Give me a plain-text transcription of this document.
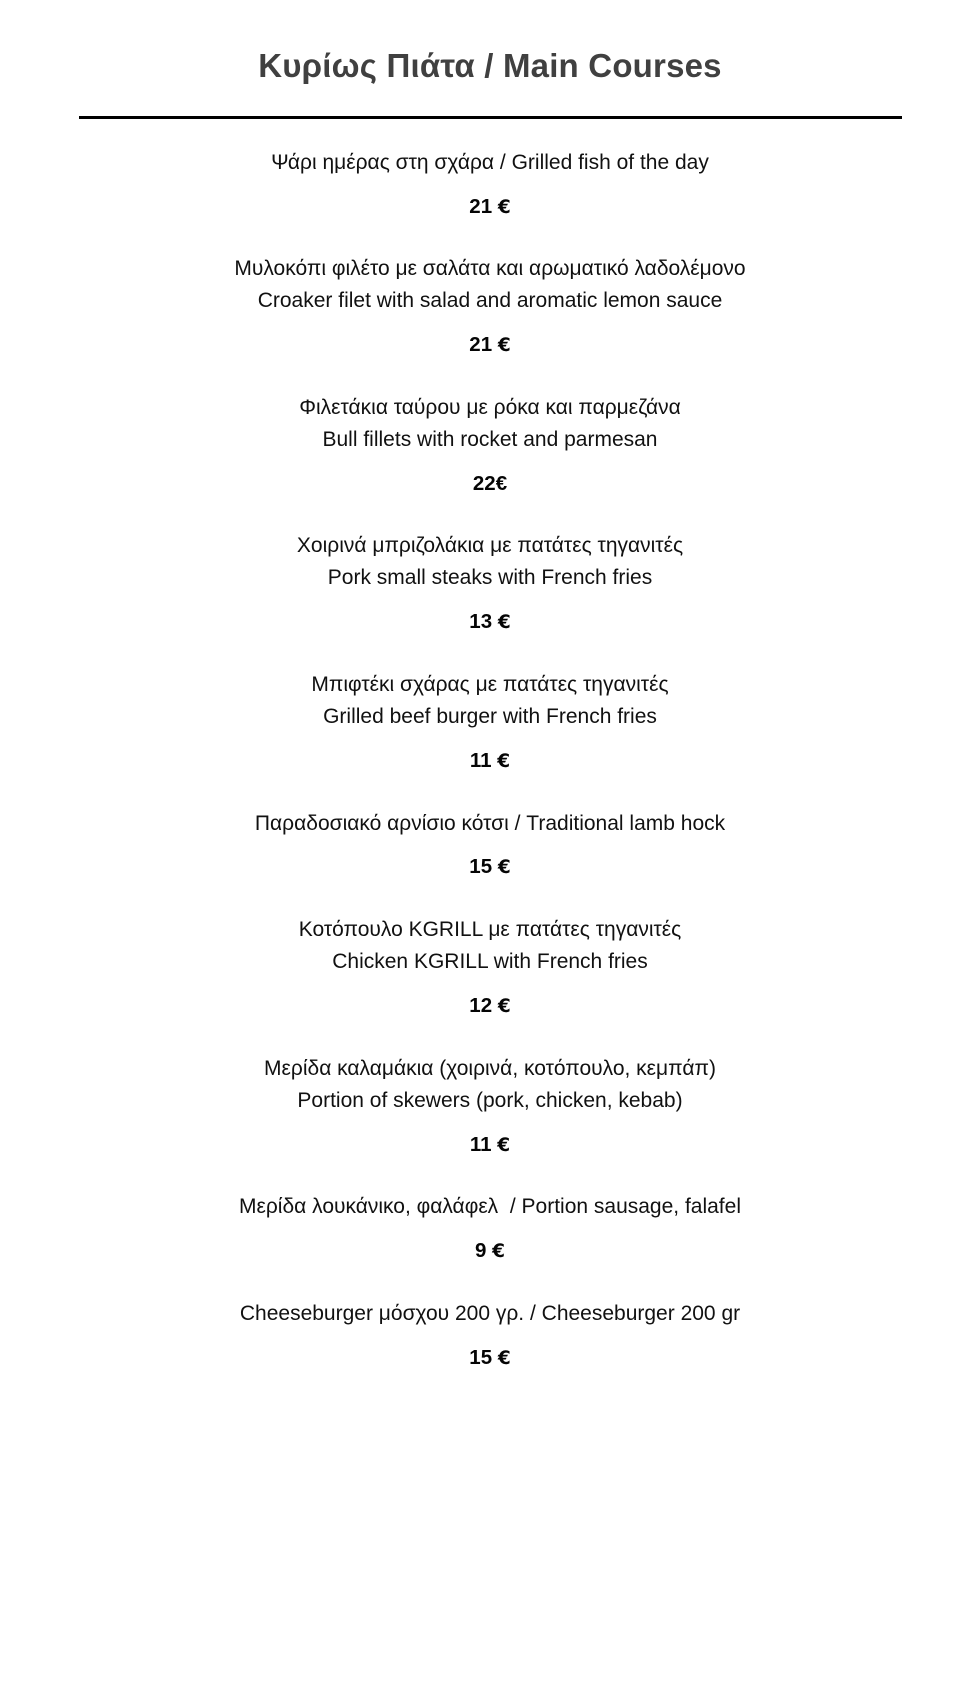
Κυρίως Πιάτα / Main Courses
Ψάρι ημέρας στη σχάρα / Grilled fish of the day
21 €
Μυλοκόπι φιλέτο με σαλάτα και αρωματικό λαδολέμονο
Croaker filet with salad and aromatic lemon sauce
21 €
Φιλετάκια ταύρου με ρόκα και παρμεζάνα
Bull fillets with rocket and parmesan
22€
Χοιρινά μπριζολάκια με πατάτες τηγανιτές
Pork small steaks with French fries
13 €
Μπιφτέκι σχάρας με πατάτες τηγανιτές
Grilled beef burger with French fries
11 €
Παραδοσιακό αρνίσιο κότσι / Traditional lamb hock
15 €
Κοτόπουλο KGRILL με πατάτες τηγανιτές
Chicken KGRILL with French fries
12 €
Μερίδα καλαμάκια (χοιρινά, κοτόπουλο, κεμπάπ)
Portion of skewers (pork, chicken, kebab)
11 €
Μερίδα λουκάνικο, φαλάφελ  / Portion sausage, falafel
9 €
Cheeseburger μόσχου 200 γρ. / Cheeseburger 200 gr
15 €
